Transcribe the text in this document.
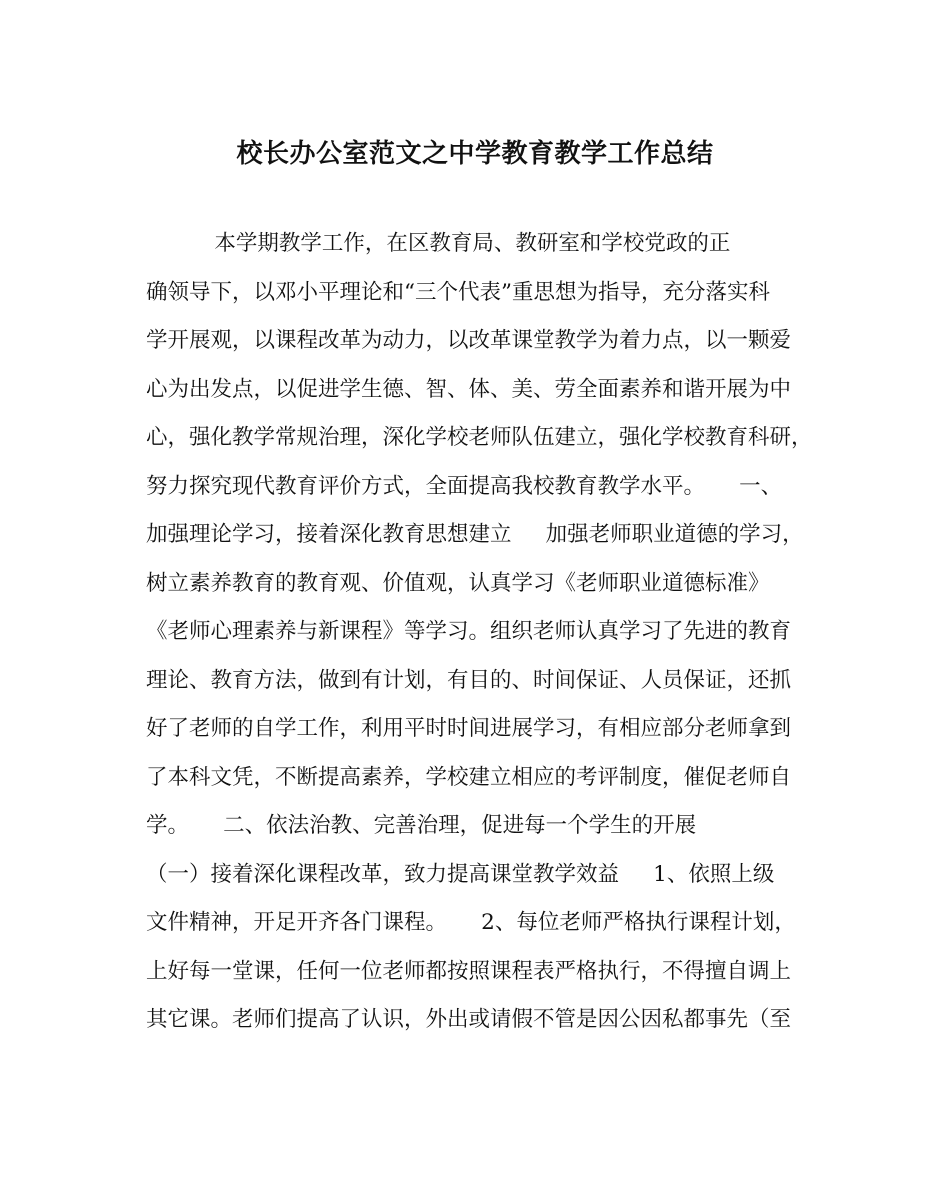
校长办公室范文之中学教育教学工作总结
本学期教学工作，在区教育局、教研室和学校党政的正
确领导下，以邓小平理论和“三个代表”重思想为指导，充分落实科
学开展观，以课程改革为动力，以改革课堂教学为着力点，以一颗爱
心为出发点，以促进学生德、智、体、美、劳全面素养和谐开展为中
心，强化教学常规治理，深化学校老师队伍建立，强化学校教育科研，
努力探究现代教育评价方式，全面提高我校教育教学水平。     一、
加强理论学习，接着深化教育思想建立     加强老师职业道德的学习，
树立素养教育的教育观、价值观，认真学习《老师职业道德标准》
《老师心理素养与新课程》等学习。组织老师认真学习了先进的教育
理论、教育方法，做到有计划，有目的、时间保证、人员保证，还抓
好了老师的自学工作，利用平时时间进展学习，有相应部分老师拿到
了本科文凭，不断提高素养，学校建立相应的考评制度，催促老师自
学。     二、依法治教、完善治理，促进每一个学生的开展
（一）接着深化课程改革，致力提高课堂教学效益     1、依照上级
文件精神，开足开齐各门课程。     2、每位老师严格执行课程计划，
上好每一堂课，任何一位老师都按照课程表严格执行，不得擅自调上
其它课。老师们提高了认识，外出或请假不管是因公因私都事先（至
